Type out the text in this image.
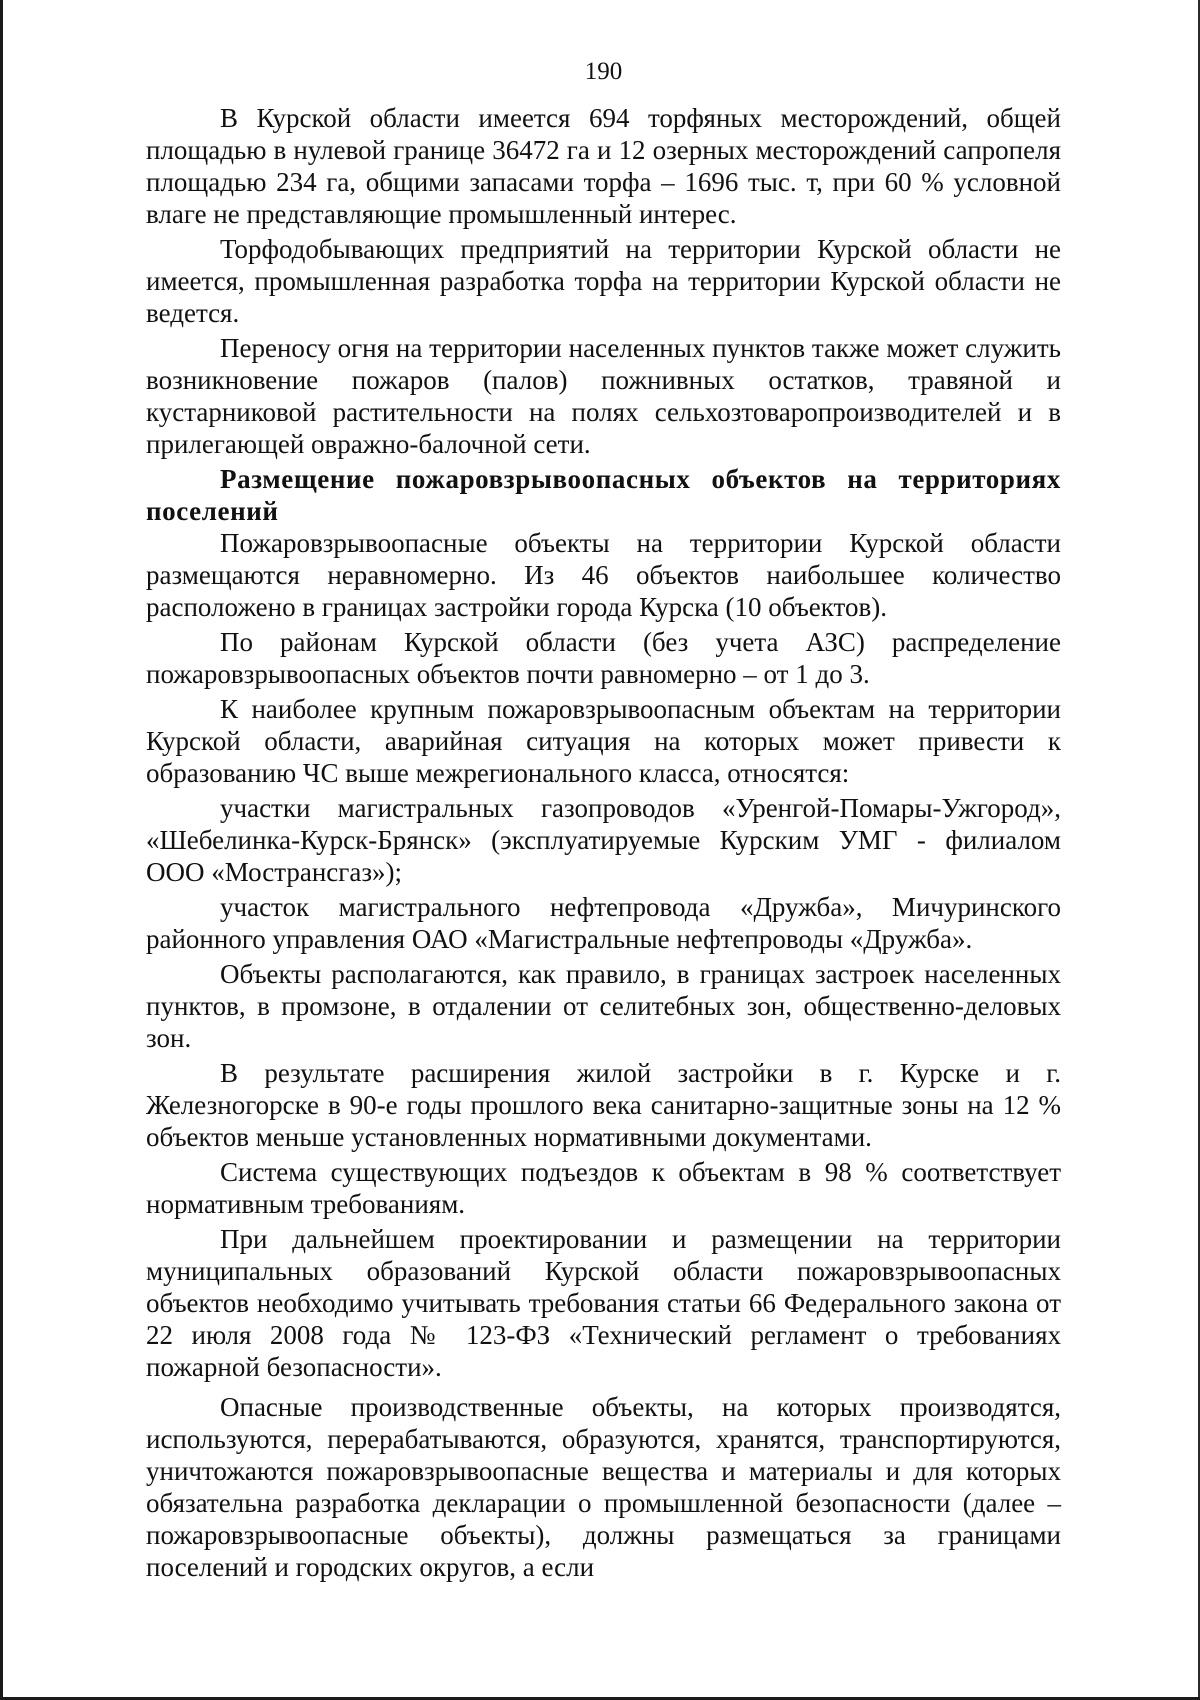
190

В Курской области имеется 694 торфяных месторождений, общей площадью в нулевой границе 36472 га и 12 озерных месторождений сапропеля площадью 234 га, общими запасами торфа – 1696 тыс. т, при 60 % условной влаге не представляющие промышленный интерес.

Торфодобывающих предприятий на территории Курской области не имеется, промышленная разработка торфа на территории Курской области не ведется.

Переносу огня на территории населенных пунктов также может служить возникновение пожаров (палов) пожнивных остатков, травяной и кустарниковой растительности на полях сельхозтоваропроизводителей и в прилегающей овражно-балочной сети.

Размещение пожаровзрывоопасных объектов на территориях поселений

Пожаровзрывоопасные объекты на территории Курской области размещаются неравномерно. Из 46 объектов наибольшее количество расположено в границах застройки города Курска (10 объектов).

По районам Курской области (без учета АЗС) распределение пожаровзрывоопасных объектов почти равномерно – от 1 до 3.

К наиболее крупным пожаровзрывоопасным объектам на территории Курской области, аварийная ситуация на которых может привести к образованию ЧС выше межрегионального класса, относятся:

участки магистральных газопроводов «Уренгой-Помары-Ужгород», «Шебелинка-Курск-Брянск» (эксплуатируемые Курским УМГ - филиалом ООО «Мострансгаз»);

участок магистрального нефтепровода «Дружба», Мичуринского районного управления ОАО «Магистральные нефтепроводы «Дружба».

Объекты располагаются, как правило, в границах застроек населенных пунктов, в промзоне, в отдалении от селитебных зон, общественно-деловых зон.

В результате расширения жилой застройки в г. Курске и г. Железногорске в 90-е годы прошлого века санитарно-защитные зоны на 12 % объектов меньше установленных нормативными документами.

Система существующих подъездов к объектам в 98 % соответствует нормативным требованиям.

При дальнейшем проектировании и размещении на территории муниципальных образований Курской области пожаровзрывоопасных объектов необходимо учитывать требования статьи 66 Федерального закона от 22 июля 2008 года № 123-ФЗ «Технический регламент о требованиях пожарной безопасности».

Опасные производственные объекты, на которых производятся, используются, перерабатываются, образуются, хранятся, транспортируются, уничтожаются пожаровзрывоопасные вещества и материалы и для которых обязательна разработка декларации о промышленной безопасности (далее – пожаровзрывоопасные объекты), должны размещаться за границами поселений и городских округов, а если
